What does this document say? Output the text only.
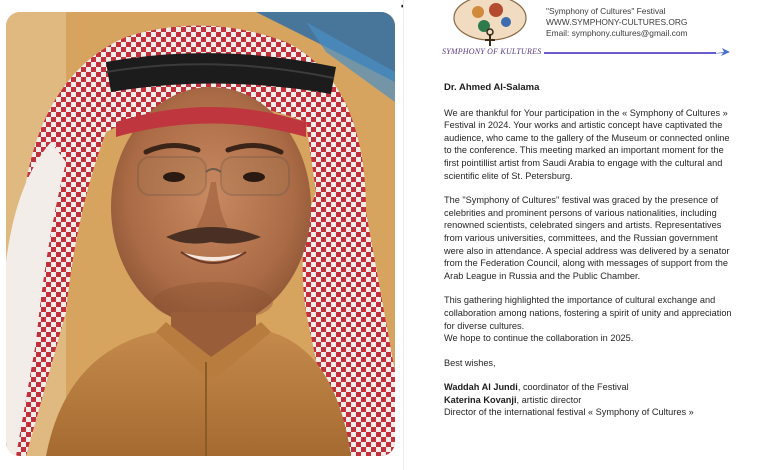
SYMPHONY OF KULTURES
"Symphony of Cultures" Festival
WWW.SYMPHONY-CULTURES.ORG
Email: symphony.cultures@gmail.com
Dr. Ahmed Al-Salama
We are thankful for Your participation in the « Symphony of Cultures »
Festival in 2024. Your works and artistic concept have captivated the
audience, who came to the gallery of the Museum or connected online
to the conference. This meeting marked an important moment for the
first pointillist artist from Saudi Arabia to engage with the cultural and
scientific elite of St. Petersburg.
The "Symphony of Cultures" festival was graced by the presence of
celebrities and prominent persons of various nationalities, including
renowned scientists, celebrated singers and artists. Representatives
from various universities, committees, and the Russian government
were also in attendance. A special address was delivered by a senator
from the Federation Council, along with messages of support from the
Arab League in Russia and the Public Chamber.
This gathering highlighted the importance of cultural exchange and
collaboration among nations, fostering a spirit of unity and appreciation
for diverse cultures.
We hope to continue the collaboration in 2025.
Best wishes,
Waddah Al Jundi, coordinator of the Festival
Katerina Kovanji, artistic director
Director of the international festival « Symphony of Cultures »
